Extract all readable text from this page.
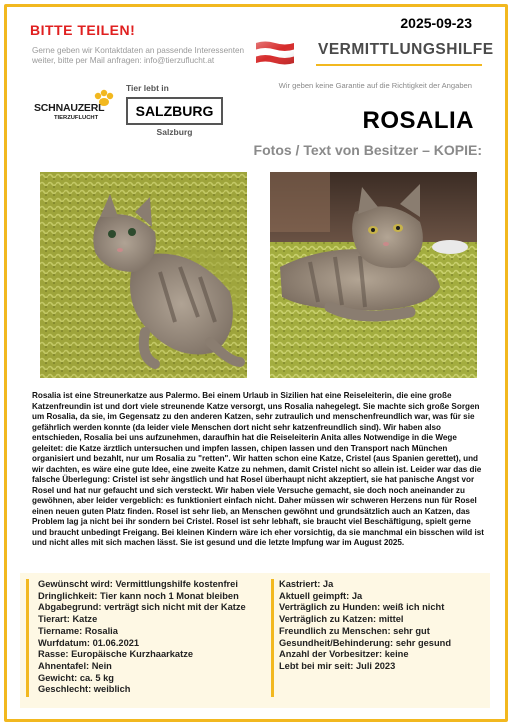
BITTE TEILEN!
Gerne geben wir Kontaktdaten an passende Interessenten weiter, bitte per Mail anfragen: info@tierzuflucht.at
2025-09-23
VERMITTLUNGSHILFE
Wir geben keine Garantie auf die Richtigkeit der Angaben
SCHNAUZERL
TIERZUFLUCHT
Tier lebt in
SALZBURG
Salzburg	ROSALIA
Fotos / Text von Besitzer – KOPIE:
Rosalia ist eine Streunerkatze aus Palermo. Bei einem Urlaub in Sizilien hat eine Reiseleiterin, die eine große Katzenfreundin ist und dort viele streunende Katze versorgt, uns Rosalia nahegelegt. Sie machte sich große Sorgen um Rosalia, da sie, im Gegensatz zu den anderen Katzen, sehr zutraulich und menschenfreundlich war, was für sie gefährlich werden konnte (da leider viele Menschen dort nicht sehr katzenfreundlich sind). Wir haben also entschieden, Rosalia bei uns aufzunehmen, daraufhin hat die Reiseleiterin Anita alles Notwendige in die Wege geleitet: die Katze ärztlich untersuchen und impfen lassen, chipen lassen und den Transport nach München organisiert und bezahlt, nur um Rosalia zu "retten". Wir hatten schon eine Katze, Cristel (aus Spanien gerettet), und wir dachten, es wäre eine gute Idee, eine zweite Katze zu nehmen, damit Cristel nicht so allein ist. Leider war das die falsche Überlegung: Cristel ist sehr ängstlich und hat Rosel überhaupt nicht akzeptiert, sie hat panische Angst vor Rosel und hat nur gefaucht und sich versteckt. Wir haben viele Versuche gemacht, sie doch noch aneinander zu gewöhnen, aber leider vergeblich: es funktioniert einfach nicht. Daher müssen wir schweren Herzens nun für Rosel einen neuen guten Platz finden. Rosel ist sehr lieb, an Menschen gewöhnt und grundsätzlich auch an Katzen, das Problem lag ja nicht bei ihr sondern bei Cristel. Rosel ist sehr lebhaft, sie braucht viel Beschäftigung, spielt gerne und braucht unbedingt Freigang. Bei kleinen Kindern wäre ich eher vorsichtig, da sie manchmal ein bisschen wild ist und nicht alles mit sich machen lässt. Sie ist gesund und die letzte Impfung war im August 2025.
Gewünscht wird: Vermittlungshilfe kostenfrei
Dringlichkeit: Tier kann noch 1 Monat bleiben
Abgabegrund: verträgt sich nicht mit der Katze
Tierart: Katze
Tiername: Rosalia
Wurfdatum: 01.06.2021
Rasse: Europäische Kurzhaarkatze
Ahnentafel: Nein
Gewicht: ca. 5 kg
Geschlecht: weiblich
Kastriert: Ja
Aktuell geimpft: Ja
Verträglich zu Hunden: weiß ich nicht
Verträglich zu Katzen: mittel
Freundlich zu Menschen: sehr gut
Gesundheit/Behinderung: sehr gesund
Anzahl der Vorbesitzer: keine
Lebt bei mir seit: Juli 2023
